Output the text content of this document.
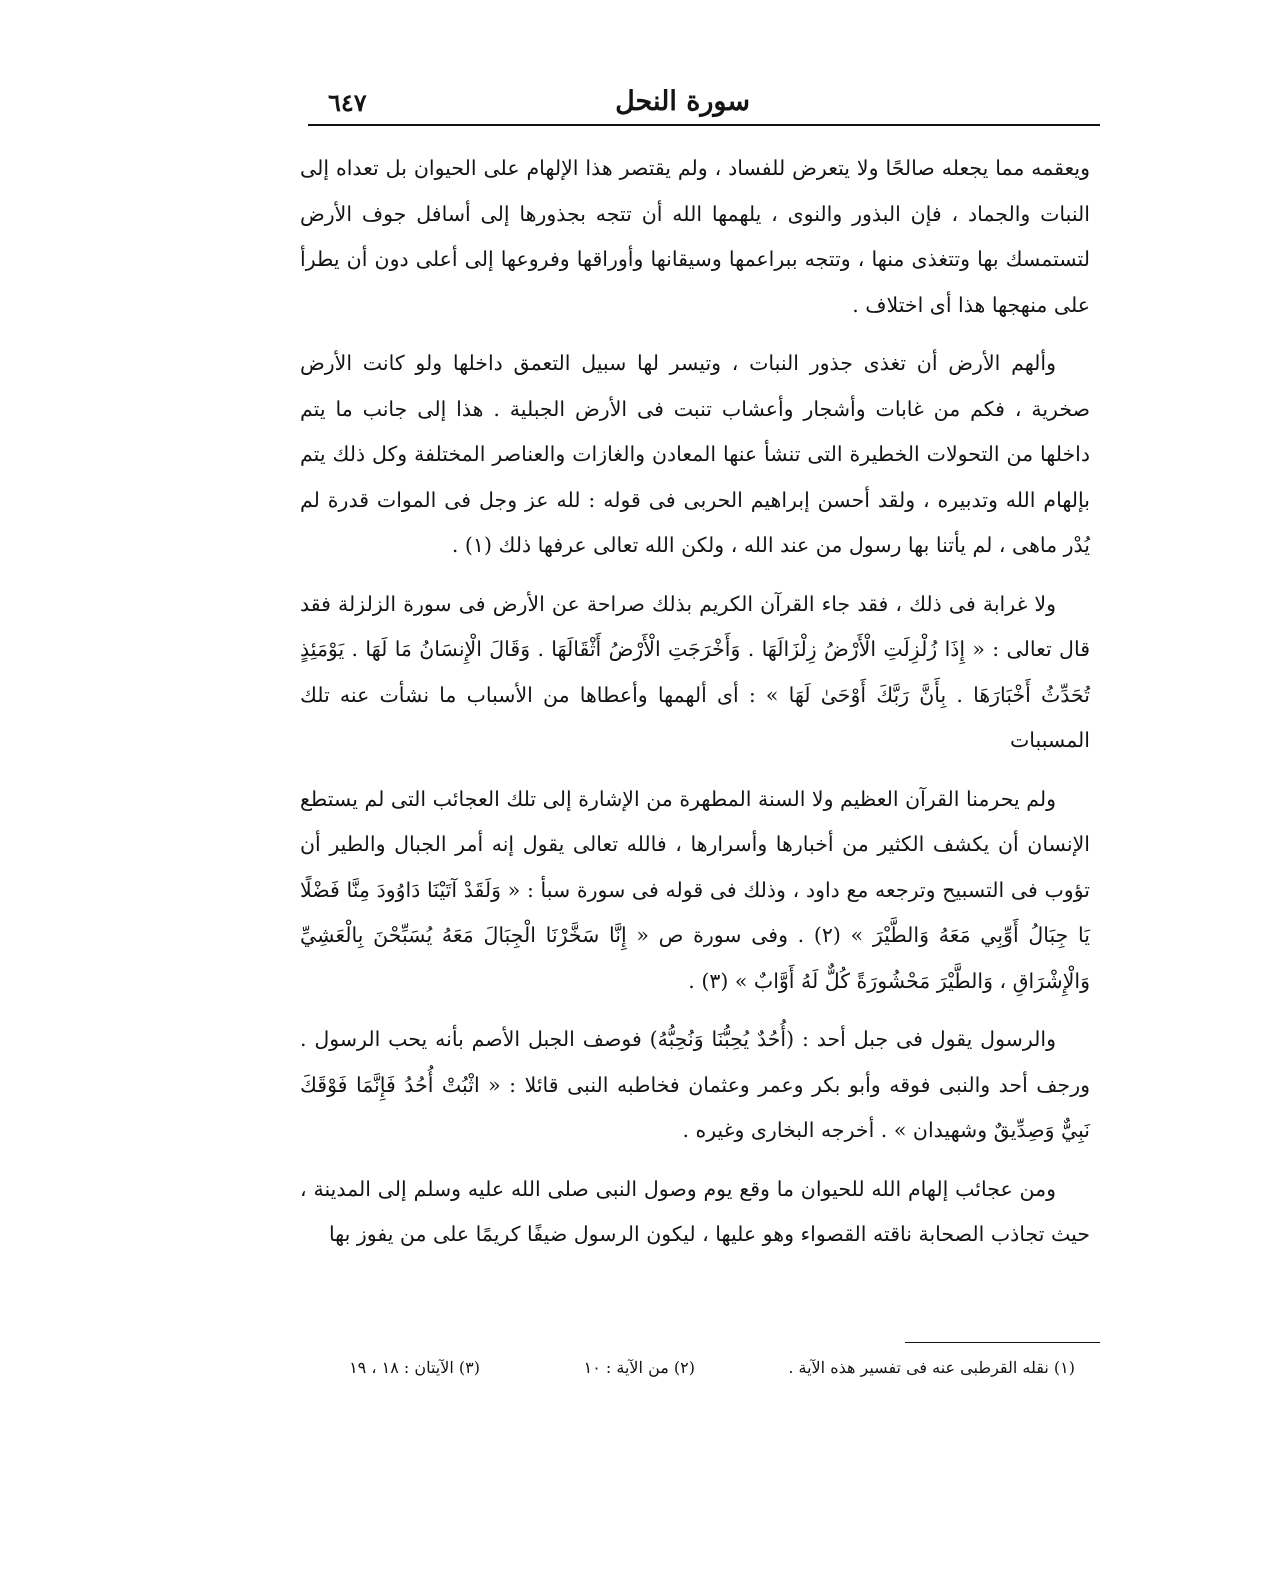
سورة النحل
٦٤٧

ويعقمه مما يجعله صالحًا ولا يتعرض للفساد ، ولم يقتصر هذا الإلهام على الحيوان بل تعداه إلى النبات والجماد ، فإن البذور والنوى ، يلهمها الله أن تتجه بجذورها إلى أسافل جوف الأرض لتستمسك بها وتتغذى منها ، وتتجه ببراعمها وسيقانها وأوراقها وفروعها إلى أعلى دون أن يطرأ على منهجها هذا أى اختلاف .

وألهم الأرض أن تغذى جذور النبات ، وتيسر لها سبيل التعمق داخلها ولو كانت الأرض صخرية ، فكم من غابات وأشجار وأعشاب تنبت فى الأرض الجبلية . هذا إلى جانب ما يتم داخلها من التحولات الخطيرة التى تنشأ عنها المعادن والغازات والعناصر المختلفة وكل ذلك يتم بإلهام الله وتدبيره ، ولقد أحسن إبراهيم الحربى فى قوله : لله عز وجل فى الموات قدرة لم يُدْر ماهى ، لم يأتنا بها رسول من عند الله ، ولكن الله تعالى عرفها ذلك (١) .

ولا غرابة فى ذلك ، فقد جاء القرآن الكريم بذلك صراحة عن الأرض فى سورة الزلزلة فقد قال تعالى : « إِذَا زُلْزِلَتِ الْأَرْضُ زِلْزَالَهَا . وَأَخْرَجَتِ الْأَرْضُ أَثْقَالَهَا . وَقَالَ الْإِنسَانُ مَا لَهَا . يَوْمَئِذٍ تُحَدِّثُ أَخْبَارَهَا . بِأَنَّ رَبَّكَ أَوْحَىٰ لَهَا » : أى ألهمها وأعطاها من الأسباب ما نشأت عنه تلك المسببات

ولم يحرمنا القرآن العظيم ولا السنة المطهرة من الإشارة إلى تلك العجائب التى لم يستطع الإنسان أن يكشف الكثير من أخبارها وأسرارها ، فالله تعالى يقول إنه أمر الجبال والطير أن تؤوب فى التسبيح وترجعه مع داود ، وذلك فى قوله فى سورة سبأ : « وَلَقَدْ آتَيْنَا دَاوُودَ مِنَّا فَضْلًا يَا جِبَالُ أَوِّبِي مَعَهُ وَالطَّيْرَ » (٢) . وفى سورة ص « إِنَّا سَخَّرْنَا الْجِبَالَ مَعَهُ يُسَبِّحْنَ بِالْعَشِيِّ وَالْإِشْرَاقِ ، وَالطَّيْرَ مَحْشُورَةً كُلٌّ لَهُ أَوَّابٌ » (٣) .

والرسول يقول فى جبل أحد : (أُحُدٌ يُحِبُّنَا وَنُحِبُّهُ) فوصف الجبل الأصم بأنه يحب الرسول . ورجف أحد والنبى فوقه وأبو بكر وعمر وعثمان فخاطبه النبى قائلا : « اثْبُتْ أُحُدُ فَإِنَّمَا فَوْقَكَ نَبِيٌّ وَصِدِّيقٌ وشهيدان » . أخرجه البخارى وغيره .

ومن عجائب إلهام الله للحيوان ما وقع يوم وصول النبى صلى الله عليه وسلم إلى المدينة ، حيث تجاذب الصحابة ناقته القصواء وهو عليها ، ليكون الرسول ضيفًا كريمًا على من يفوز بها

(١) نقله القرطبى عنه فى تفسير هذه الآية .
(٢) من الآية : ١٠
(٣) الآيتان : ١٨ ، ١٩
